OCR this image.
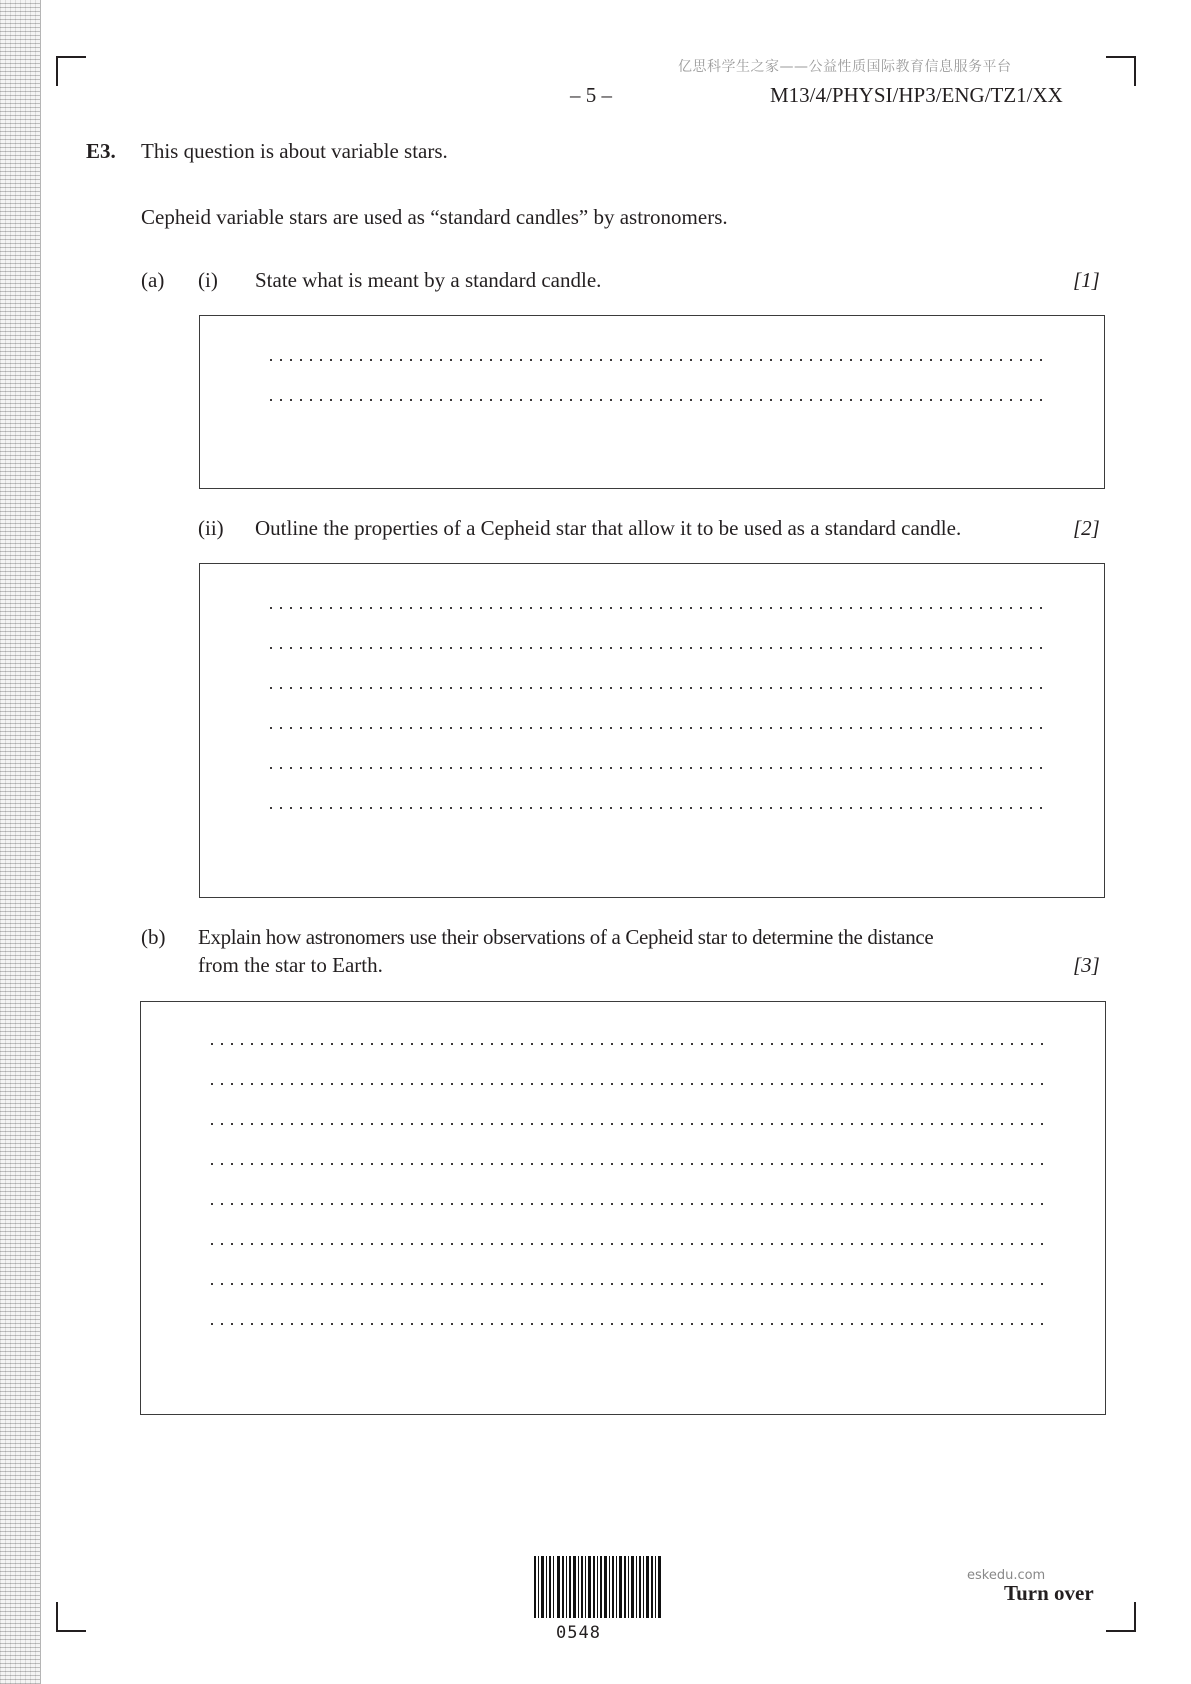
亿思科学生之家——公益性质国际教育信息服务平台
– 5 –	M13/4/PHYSI/HP3/ENG/TZ1/XX
E3. This question is about variable stars.
Cepheid variable stars are used as “standard candles” by astronomers.
(a) (i) State what is meant by a standard candle.	[1]
(ii) Outline the properties of a Cepheid star that allow it to be used as a standard candle.	[2]
(b) Explain how astronomers use their observations of a Cepheid star to determine the distance
from the star to Earth.	[3]
0548
eskedu.com
Turn over
